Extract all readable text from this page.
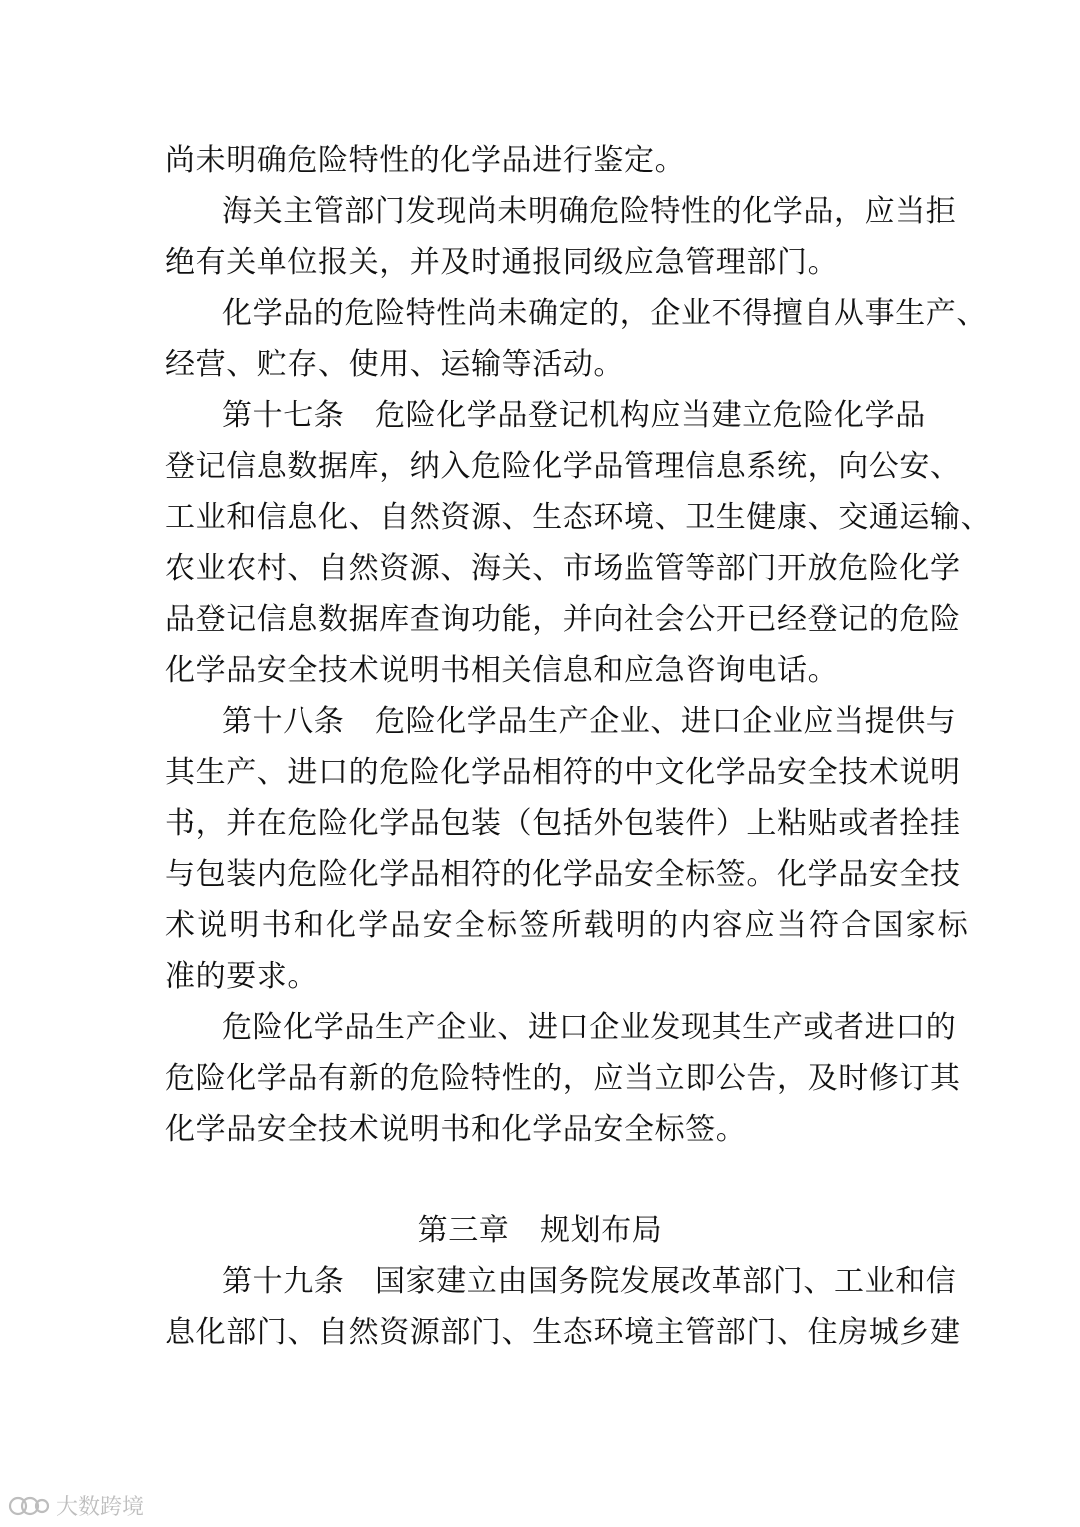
尚未明确危险特性的化学品进行鉴定。
海关主管部门发现尚未明确危险特性的化学品，应当拒
绝有关单位报关，并及时通报同级应急管理部门。
化学品的危险特性尚未确定的，企业不得擅自从事生产、
经营、贮存、使用、运输等活动。
第十七条　危险化学品登记机构应当建立危险化学品
登记信息数据库，纳入危险化学品管理信息系统，向公安、
工业和信息化、自然资源、生态环境、卫生健康、交通运输、
农业农村、自然资源、海关、市场监管等部门开放危险化学
品登记信息数据库查询功能，并向社会公开已经登记的危险
化学品安全技术说明书相关信息和应急咨询电话。
第十八条　危险化学品生产企业、进口企业应当提供与
其生产、进口的危险化学品相符的中文化学品安全技术说明
书，并在危险化学品包装（包括外包装件）上粘贴或者拴挂
与包装内危险化学品相符的化学品安全标签。化学品安全技
术说明书和化学品安全标签所载明的内容应当符合国家标
准的要求。
危险化学品生产企业、进口企业发现其生产或者进口的
危险化学品有新的危险特性的，应当立即公告，及时修订其
化学品安全技术说明书和化学品安全标签。
第三章　规划布局
第十九条　国家建立由国务院发展改革部门、工业和信
息化部门、自然资源部门、生态环境主管部门、住房城乡建
大数跨境
